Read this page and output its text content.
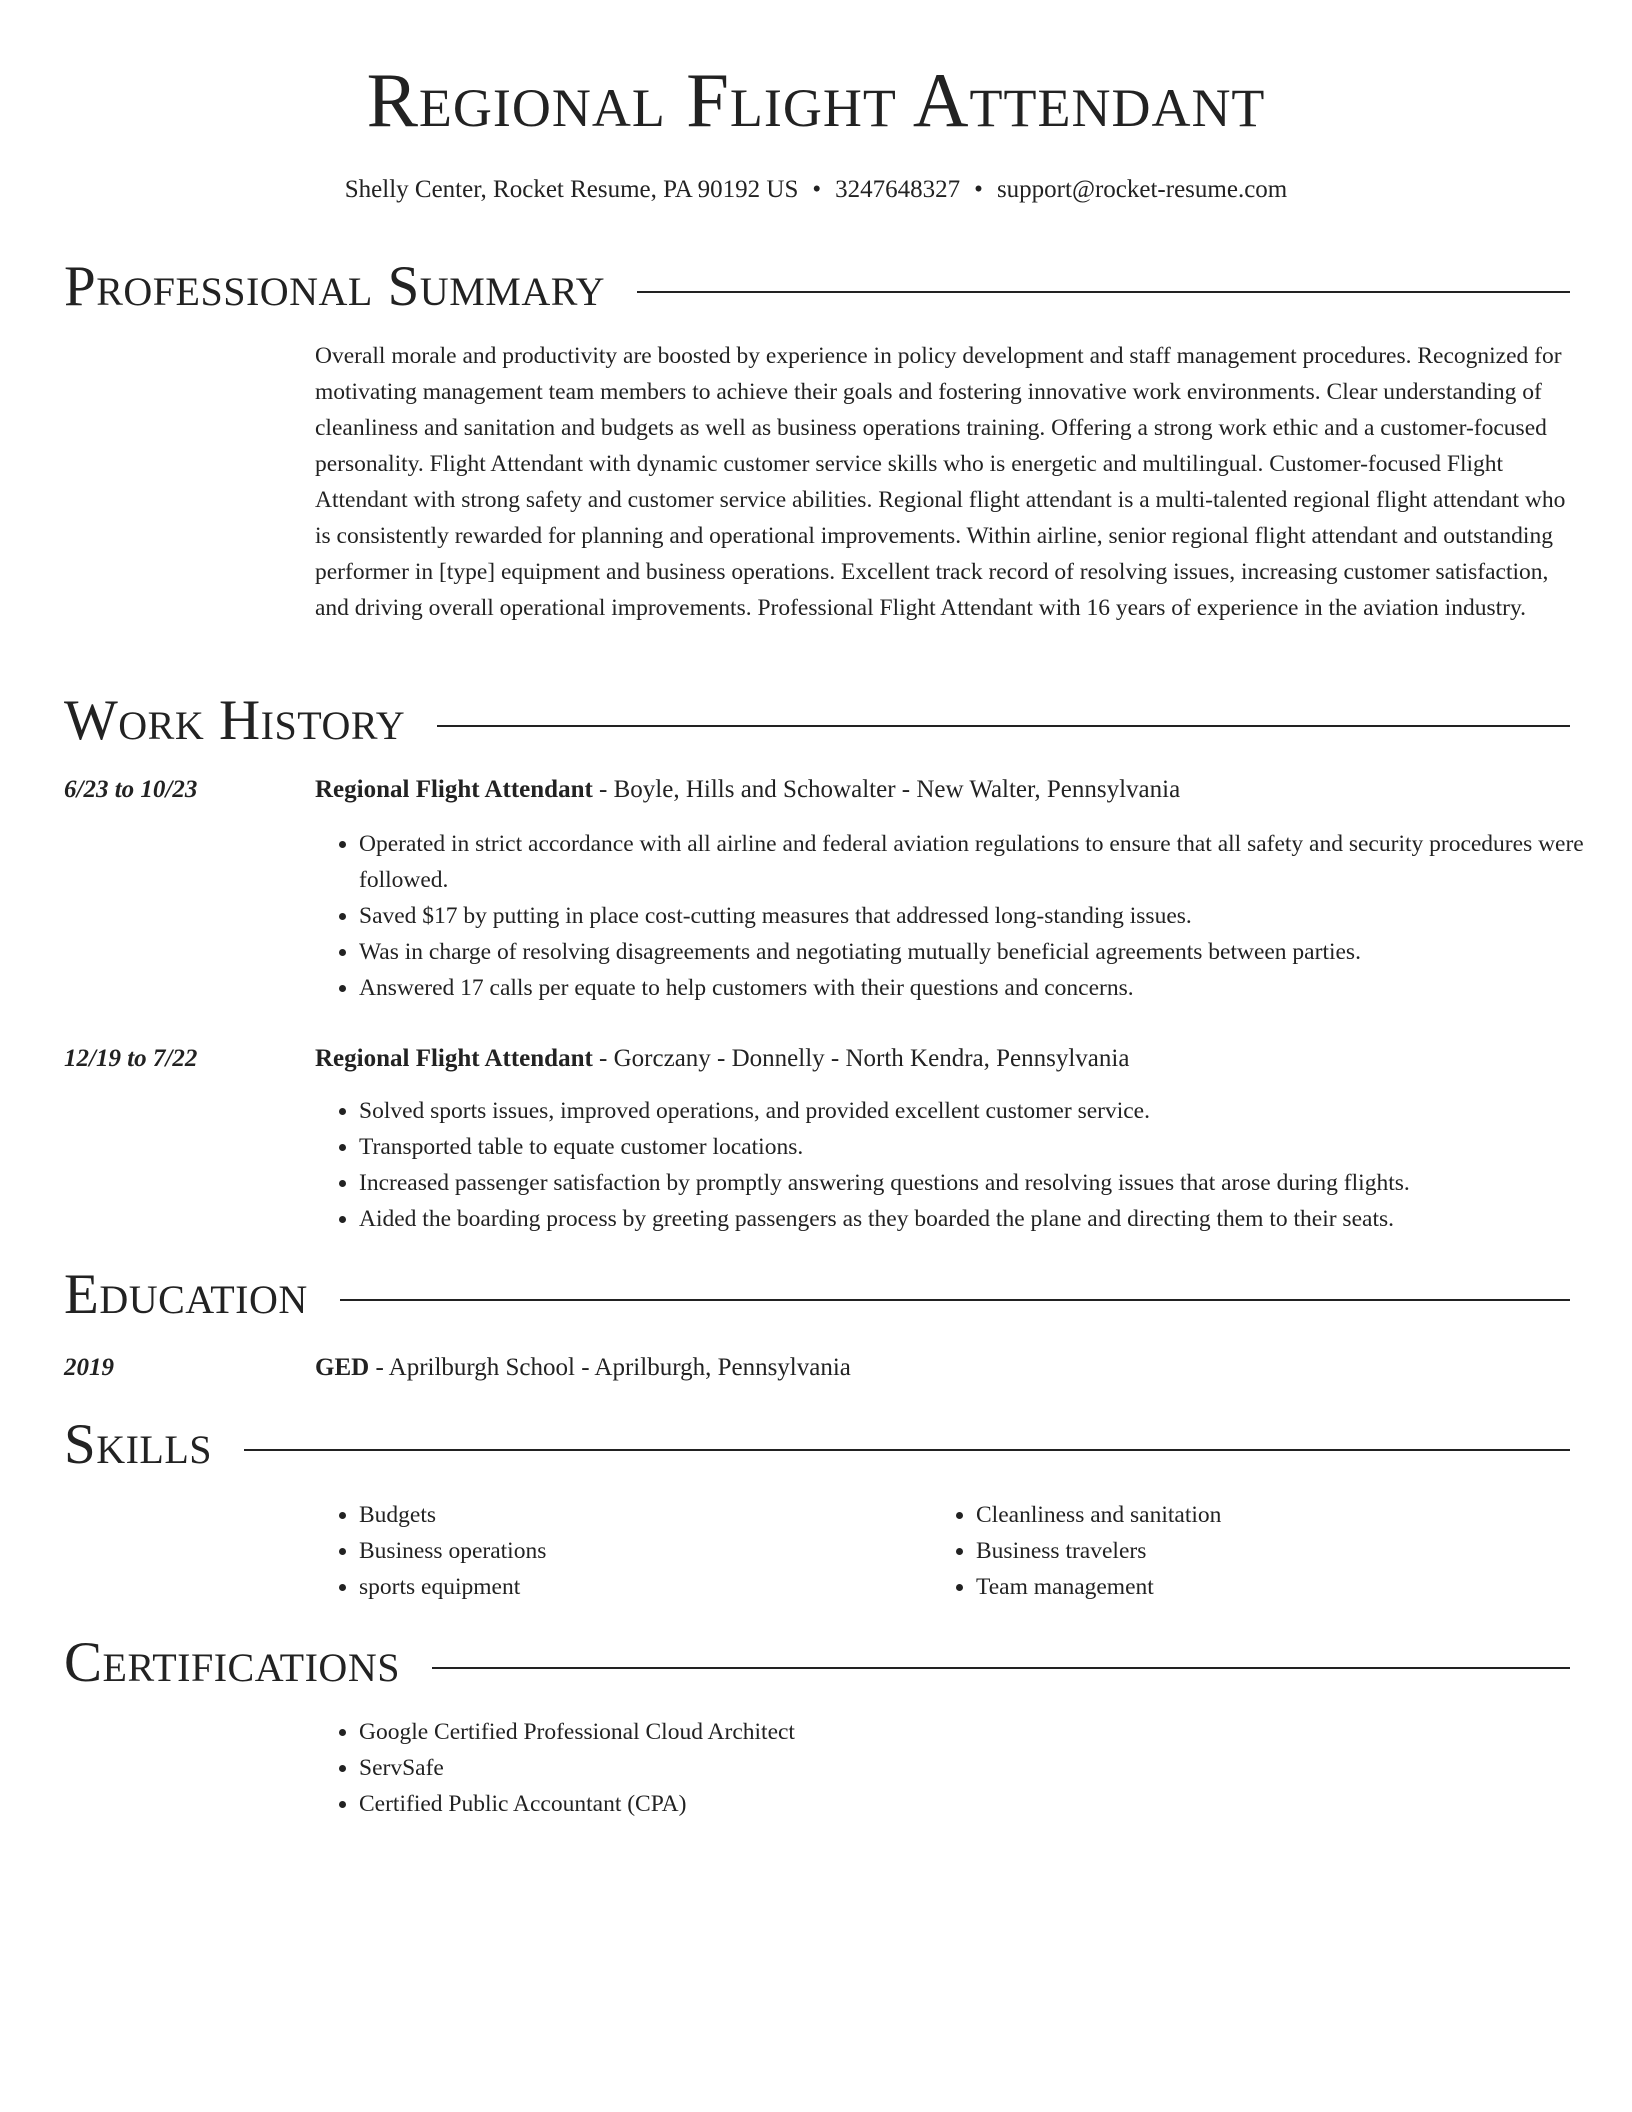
Regional Flight Attendant
Shelly Center, Rocket Resume, PA 90192 US • 3247648327 • support@rocket-resume.com
Professional Summary

Overall morale and productivity are boosted by experience in policy development and staff management procedures. Recognized for motivating management team members to achieve their goals and fostering innovative work environments. Clear understanding of cleanliness and sanitation and budgets as well as business operations training. Offering a strong work ethic and a customer-focused personality. Flight Attendant with dynamic customer service skills who is energetic and multilingual. Customer-focused Flight Attendant with strong safety and customer service abilities. Regional flight attendant is a multi-talented regional flight attendant who is consistently rewarded for planning and operational improvements. Within airline, senior regional flight attendant and outstanding performer in [type] equipment and business operations. Excellent track record of resolving issues, increasing customer satisfaction, and driving overall operational improvements. Professional Flight Attendant with 16 years of experience in the aviation industry.

Work History
6/23 to 10/23	Regional Flight Attendant - Boyle, Hills and Schowalter - New Walter, Pennsylvania
• Operated in strict accordance with all airline and federal aviation regulations to ensure that all safety and security procedures were followed.
• Saved $17 by putting in place cost-cutting measures that addressed long-standing issues.
• Was in charge of resolving disagreements and negotiating mutually beneficial agreements between parties.
• Answered 17 calls per equate to help customers with their questions and concerns.
12/19 to 7/22	Regional Flight Attendant - Gorczany - Donnelly - North Kendra, Pennsylvania
• Solved sports issues, improved operations, and provided excellent customer service.
• Transported table to equate customer locations.
• Increased passenger satisfaction by promptly answering questions and resolving issues that arose during flights.
• Aided the boarding process by greeting passengers as they boarded the plane and directing them to their seats.
Education
2019	GED - Aprilburgh School - Aprilburgh, Pennsylvania
Skills
• Budgets
• Business operations
• sports equipment
• Cleanliness and sanitation
• Business travelers
• Team management
Certifications
• Google Certified Professional Cloud Architect
• ServSafe
• Certified Public Accountant (CPA)
